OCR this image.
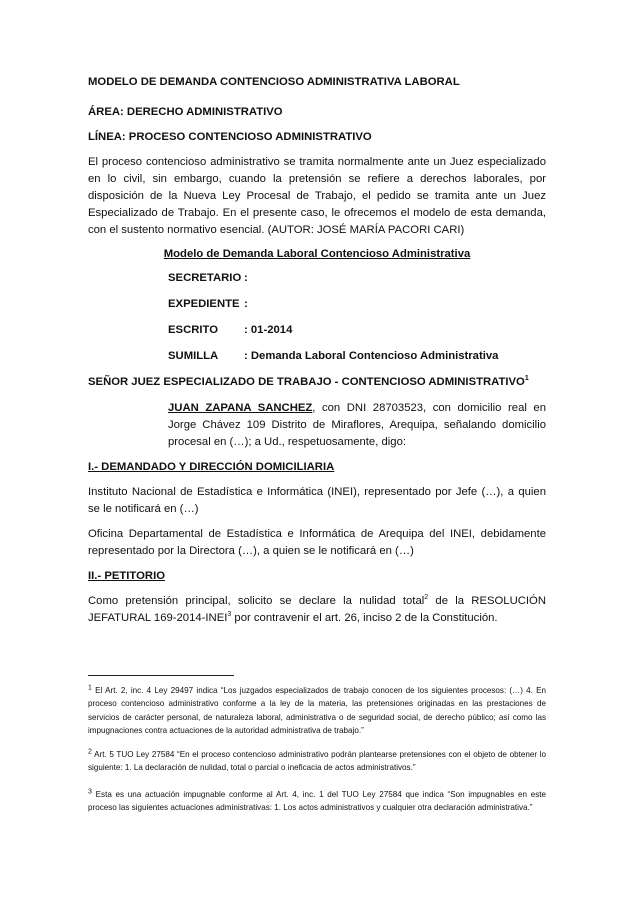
MODELO DE DEMANDA CONTENCIOSO ADMINISTRATIVA LABORAL

ÁREA: DERECHO ADMINISTRATIVO

LÍNEA: PROCESO CONTENCIOSO ADMINISTRATIVO

El proceso contencioso administrativo se tramita normalmente ante un Juez especializado en lo civil, sin embargo, cuando la pretensión se refiere a derechos laborales, por disposición de la Nueva Ley Procesal de Trabajo, el pedido se tramita ante un Juez Especializado de Trabajo. En el presente caso, le ofrecemos el modelo de esta demanda, con el sustento normativo esencial. (AUTOR: JOSÉ MARÍA PACORI CARI)

Modelo de Demanda Laboral Contencioso Administrativa

SECRETARIO :
EXPEDIENTE :
ESCRITO : 01-2014
SUMILLA : Demanda Laboral Contencioso Administrativa

SEÑOR JUEZ ESPECIALIZADO DE TRABAJO - CONTENCIOSO ADMINISTRATIVO$^1$

JUAN ZAPANA SANCHEZ, con DNI 28703523, con domicilio real en Jorge Chávez 109 Distrito de Miraflores, Arequipa, señalando domicilio procesal en (…); a Ud., respetuosamente, digo:

I.- DEMANDADO Y DIRECCIÓN DOMICILIARIA

Instituto Nacional de Estadística e Informática (INEI), representado por Jefe (…), a quien se le notificará en (…)

Oficina Departamental de Estadística e Informática de Arequipa del INEI, debidamente representado por la Directora (…), a quien se le notificará en (…)

II.- PETITORIO

Como pretensión principal, solicito se declare la nulidad total$^2$ de la RESOLUCIÓN JEFATURAL 169-2014-INEI$^3$ por contravenir el art. 26, inciso 2 de la Constitución.

$^1$ El Art. 2, inc. 4 Ley 29497 indica “Los juzgados especializados de trabajo conocen de los siguientes procesos: (…) 4. En proceso contencioso administrativo conforme a la ley de la materia, las pretensiones originadas en las prestaciones de servicios de carácter personal, de naturaleza laboral, administrativa o de seguridad social, de derecho público; así como las impugnaciones contra actuaciones de la autoridad administrativa de trabajo.”

$^2$ Art. 5 TUO Ley 27584 “En el proceso contencioso administrativo podrán plantearse pretensiones con el objeto de obtener lo siguiente: 1. La declaración de nulidad, total o parcial o ineficacia de actos administrativos.”

$^3$ Esta es una actuación impugnable conforme al Art. 4, inc. 1 del TUO Ley 27584 que indica “Son impugnables en este proceso las siguientes actuaciones administrativas: 1. Los actos administrativos y cualquier otra declaración administrativa.”
